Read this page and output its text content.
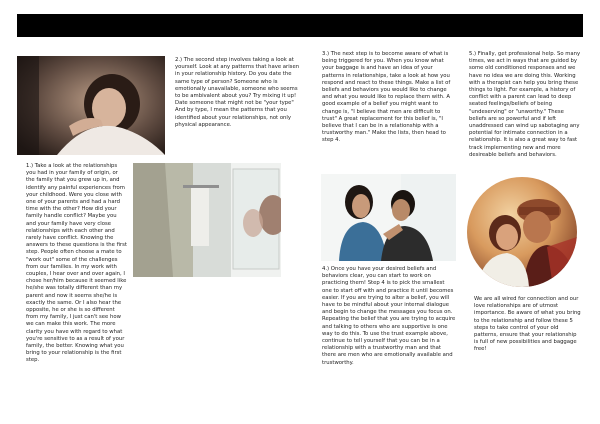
2.) The second step involves taking a look at yourself. Look at any patterns that have arisen in your relationship history. Do you date the same type of person? Someone who is emotionally unavailable, someone who seems to be ambivalent about you? Try mixing it up! Date someone that might not be "your type" And by type, I mean the patterns that you identified about your relationships, not only physical appearance.

1.) Take a look at the relationships you had in your family of origin, or the family that you grew up in, and identify any painful experiences from your childhood. Were you close with one of your parents and had a hard time with the other? How did your family handle conflict? Maybe you and your family have very close relationships with each other and rarely have conflict. Knowing the answers to these questions is the first step. People often choose a mate to "work out" some of the challenges from our families. In my work with couples, I hear over and over again, I chose her/him because it seemed like he/she was totally different than my parent and now it seems she/he is exactly the same. Or I also hear the opposite, he or she is so different from my family, I just can't see how we can make this work. The more clarity you have with regard to what you're sensitive to as a result of your family, the better. Knowing what you bring to your relationship is the first step.

3.) The next step is to become aware of what is being triggered for you. When you know what your baggage is and have an idea of your patterns in relationships, take a look at how you respond and react to these things. Make a list of beliefs and behaviors you would like to change and what you would like to replace them with. A good example of a belief you might want to change is, "I believe that men are difficult to trust" A great replacement for this belief is, "I believe that I can be in a relationship with a trustworthy man." Make the lists, then head to step 4.

4.) Once you have your desired beliefs and behaviors clear, you can start to work on practicing them! Step 4 is to pick the smallest one to start off with and practice it until becomes easier. If you are trying to alter a belief, you will have to be mindful about your internal dialogue and begin to change the messages you focus on. Repeating the belief that you are trying to acquire and talking to others who are supportive is one way to do this. To use the trust example above, continue to tell yourself that you can be in a relationship with a trustworthy man and that there are men who are emotionally available and trustworthy.

5.) Finally, get professional help. So many times, we act in ways that are guided by some old conditioned responses and we have no idea we are doing this. Working with a therapist can help you bring these things to light. For example, a history of conflict with a parent can lead to deep seated feelings/beliefs of being "undeserving" or "unworthy." These beliefs are so powerful and if left unaddressed can wind up sabotaging any potential for intimate connection in a relationship. It is also a great way to fast track implementing new and more desireable beliefs and behaviors.

We are all wired for connection and our love relationships are of utmost importance. Be aware of what you bring to the relationship and follow these 5 steps to take control of your old patterns, ensure that your relationship is full of new possibilities and baggage free!
